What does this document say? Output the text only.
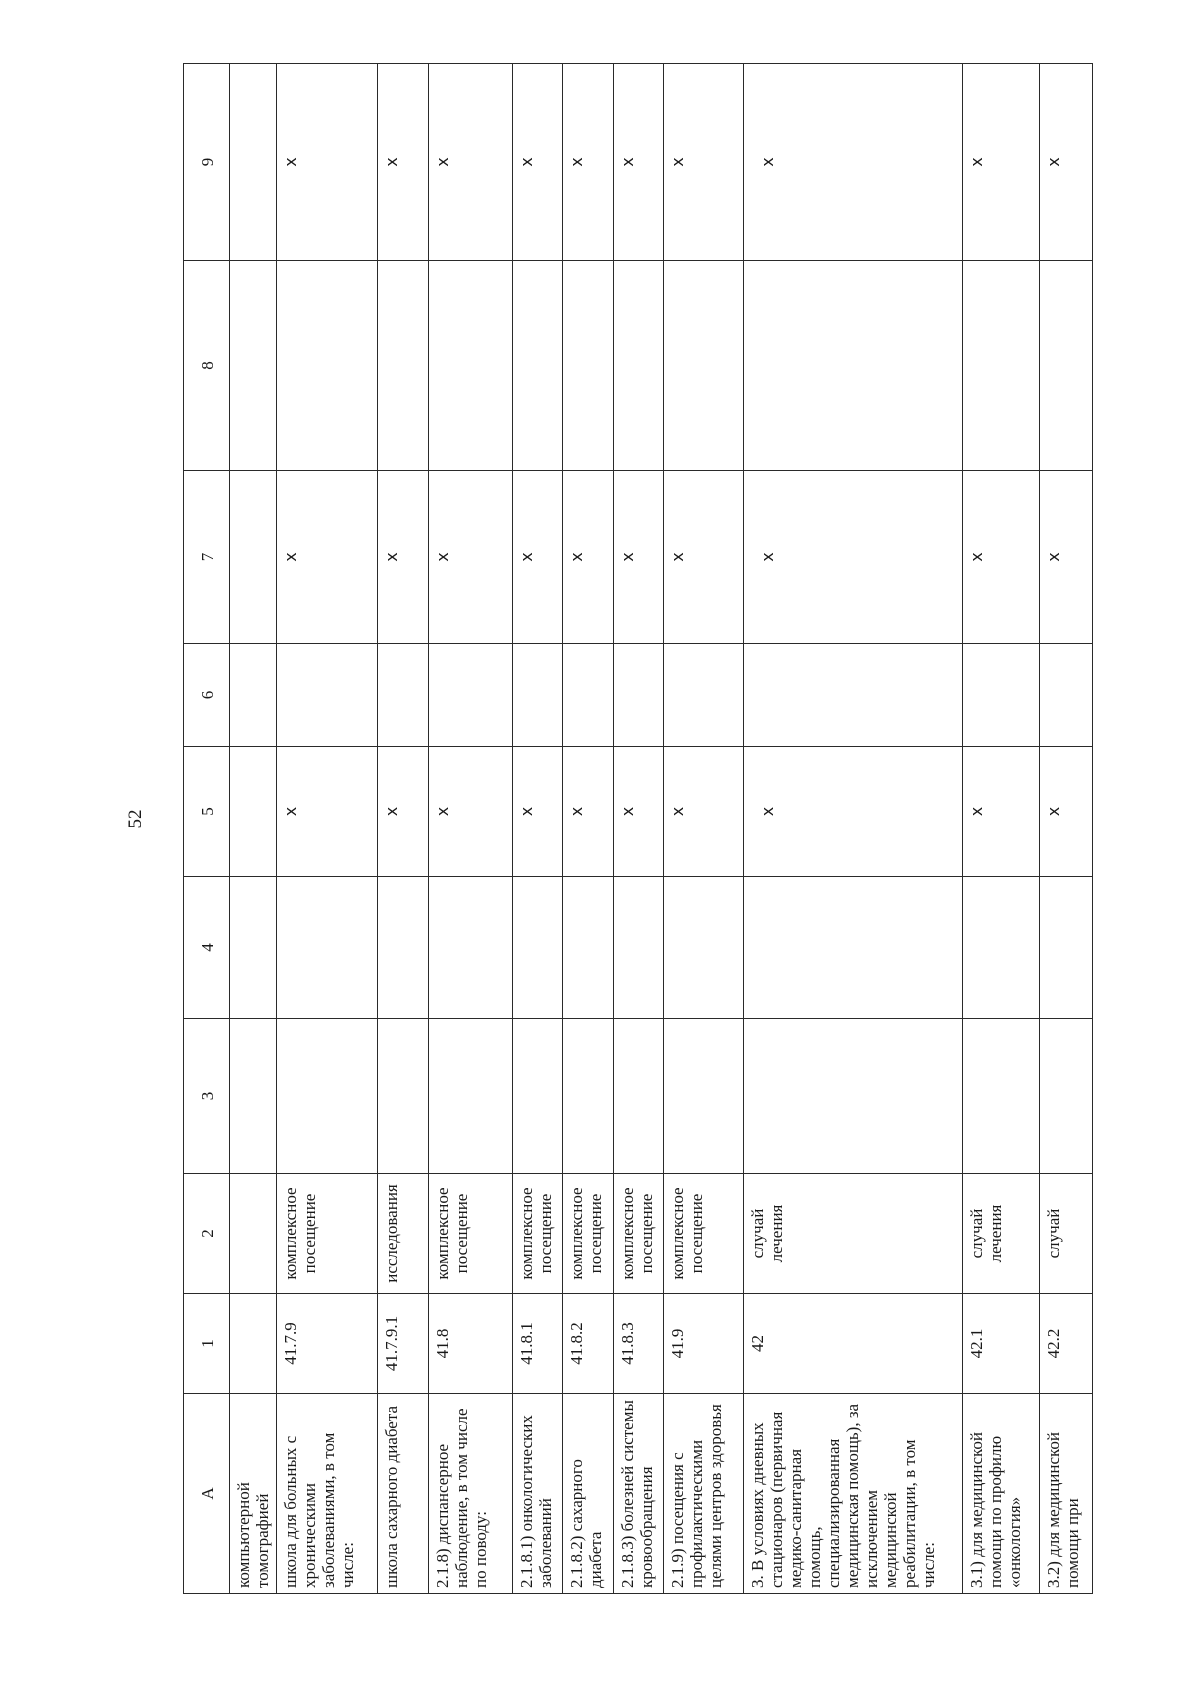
52
А	1	2	3	4	5	6	7	8	9
компьютерной томографией									
школа для больных с хроническими заболеваниями, в том числе:	41.7.9	комплексное посещение			х		х		х
школа сахарного диабета	41.7.9.1	исследования			х		х		х
2.1.8) диспансерное наблюдение, в том числе по поводу:	41.8	комплексное посещение			х		х		х
2.1.8.1) онкологических заболеваний	41.8.1	комплексное посещение			х		х		х
2.1.8.2) сахарного диабета	41.8.2	комплексное посещение			х		х		х
2.1.8.3) болезней системы кровообращения	41.8.3	комплексное посещение			х		х		х
2.1.9) посещения с профилактическими целями центров здоровья	41.9	комплексное посещение			х		х		х
3. В условиях дневных стационаров (первичная медико-санитарная помощь, специализированная медицинская помощь), за исключением медицинской реабилитации, в том числе:	42	случай лечения			х		х		х
3.1) для медицинской помощи по профилю «онкология»	42.1	случай лечения			х		х		х
3.2) для медицинской помощи при	42.2	случай			х		х		х
